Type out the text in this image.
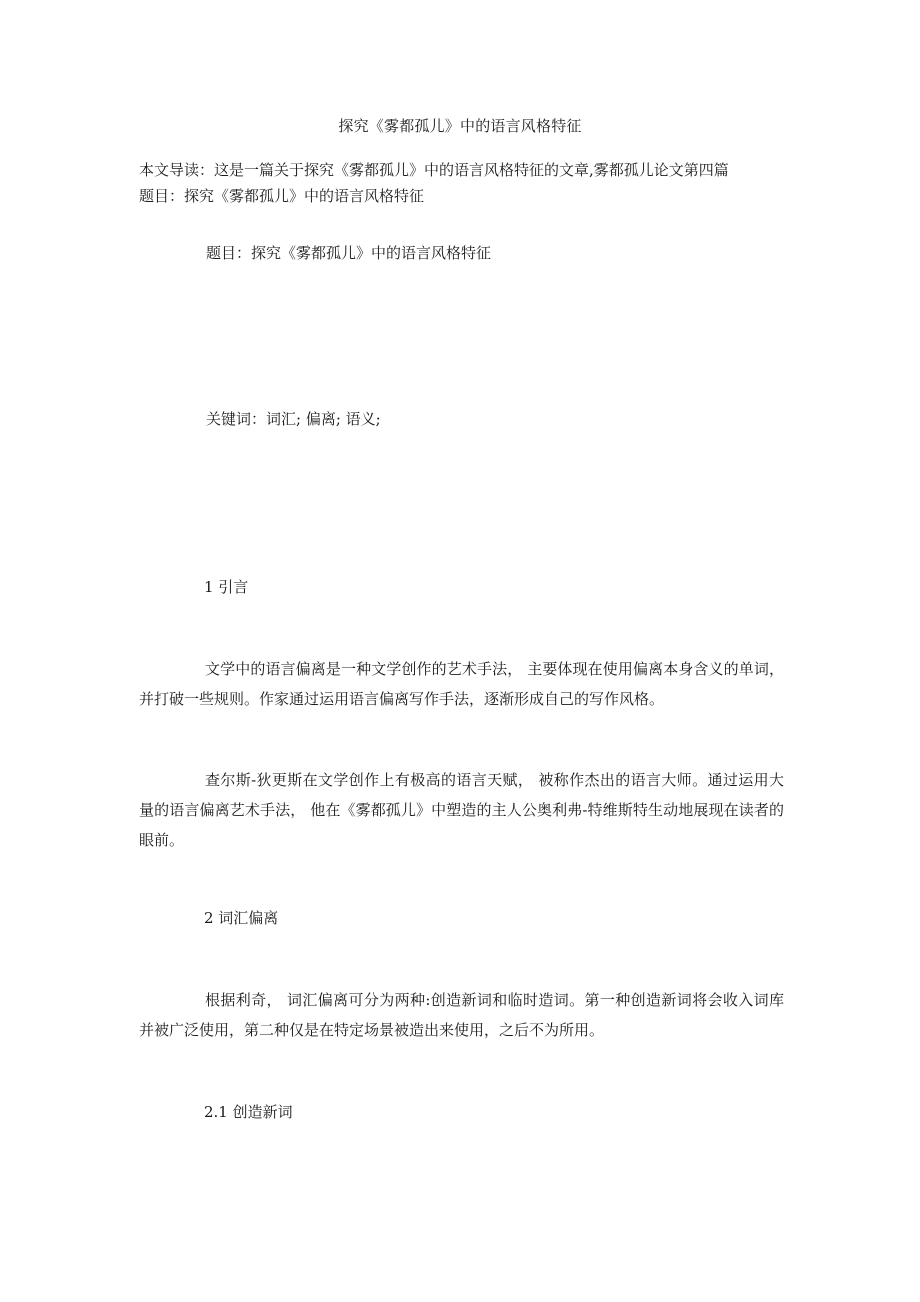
探究《雾都孤儿》中的语言风格特征
本文导读：这是一篇关于探究《雾都孤儿》中的语言风格特征的文章,雾都孤儿论文第四篇
题目：探究《雾都孤儿》中的语言风格特征
题目：探究《雾都孤儿》中的语言风格特征
关键词：词汇; 偏离; 语义;
1 引言
文学中的语言偏离是一种文学创作的艺术手法， 主要体现在使用偏离本身含义的单词，并打破一些规则。作家通过运用语言偏离写作手法，逐渐形成自己的写作风格。
查尔斯-狄更斯在文学创作上有极高的语言天赋， 被称作杰出的语言大师。通过运用大量的语言偏离艺术手法， 他在《雾都孤儿》中塑造的主人公奥利弗-特维斯特生动地展现在读者的眼前。
2 词汇偏离
根据利奇， 词汇偏离可分为两种:创造新词和临时造词。第一种创造新词将会收入词库并被广泛使用，第二种仅是在特定场景被造出来使用，之后不为所用。
2.1 创造新词
